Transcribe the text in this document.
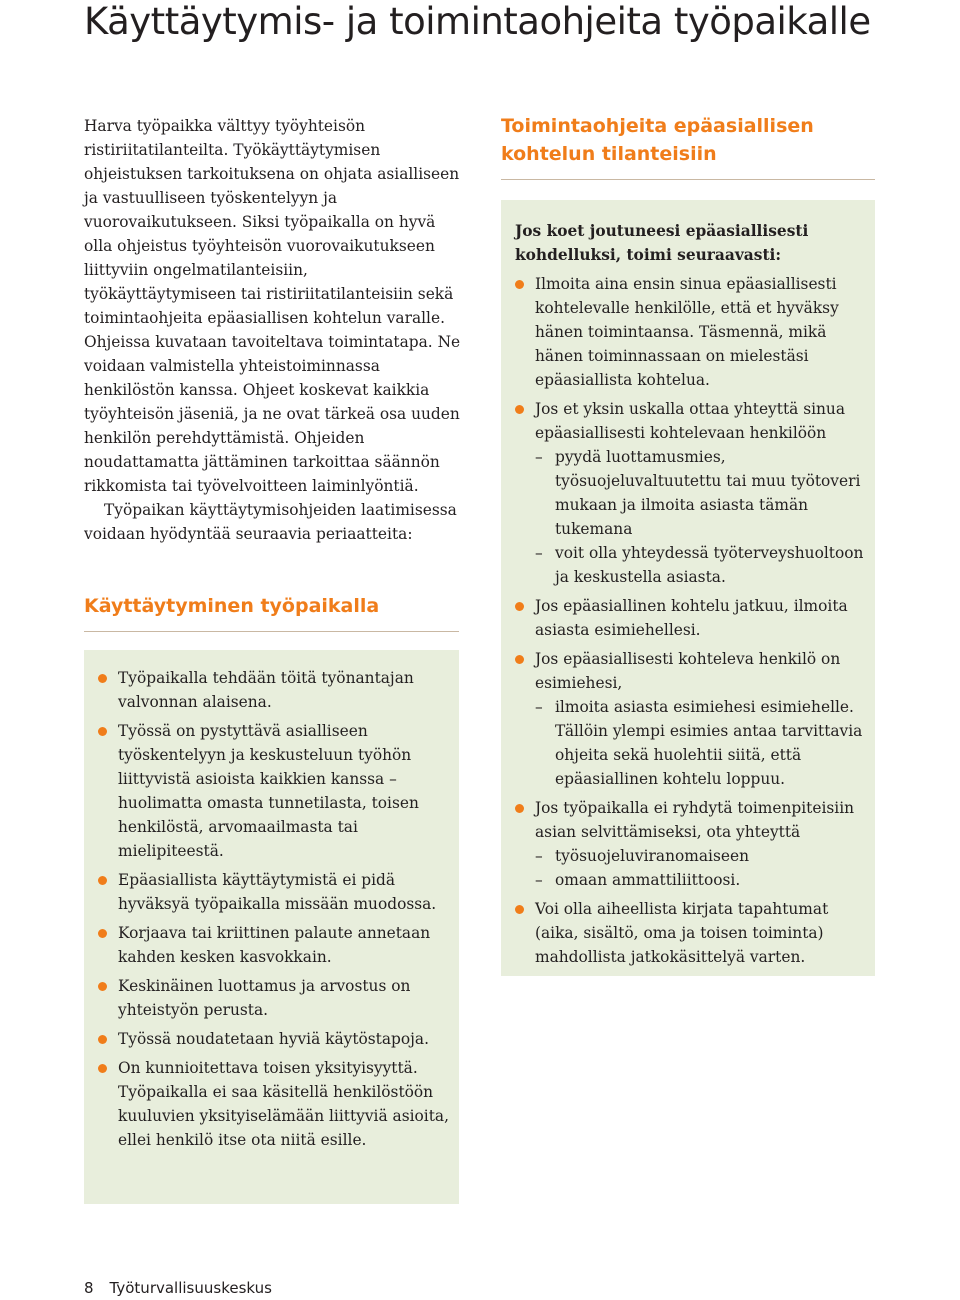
Käyttäytymis- ja toimintaohjeita työpaikalle

Harva työpaikka välttyy työyhteisön ristiriitatilanteilta. Työkäyttäytymisen ohjeistuksen tarkoituksena on ohjata asialliseen ja vastuulliseen työskentelyyn ja vuorovaikutukseen. Siksi työpaikalla on hyvä olla ohjeistus työyhteisön vuorovaikutukseen liittyviin ongelmatilanteisiin, työkäyttäytymiseen tai ristiriitatilanteisiin sekä toimintaohjeita epäasiallisen kohtelun varalle. Ohjeissa kuvataan tavoiteltava toimintatapa. Ne voidaan valmistella yhteistoiminnassa henkilöstön kanssa. Ohjeet koskevat kaikkia työyhteisön jäseniä, ja ne ovat tärkeä osa uuden henkilön perehdyttämistä. Ohjeiden noudattamatta jättäminen tarkoittaa säännön rikkomista tai työvelvoitteen laiminlyöntiä.

Työpaikan käyttäytymisohjeiden laatimisessa voidaan hyödyntää seuraavia periaatteita:

Käyttäytyminen työpaikalla
Työpaikalla tehdään töitä työnantajan valvonnan alaisena.
Työssä on pystyttävä asialliseen työskentelyyn ja keskusteluun työhön liittyvistä asioista kaikkien kanssa – huolimatta omasta tunnetilasta, toisen henkilöstä, arvomaailmasta tai mielipiteestä.
Epäasiallista käyttäytymistä ei pidä hyväksyä työpaikalla missään muodossa.
Korjaava tai kriittinen palaute annetaan kahden kesken kasvokkain.
Keskinäinen luottamus ja arvostus on yhteistyön perusta.
Työssä noudatetaan hyviä käytöstapoja.
On kunnioitettava toisen yksityisyyttä. Työpaikalla ei saa käsitellä henkilöstöön kuuluvien yksityiselämään liittyviä asioita, ellei henkilö itse ota niitä esille.
Toimintaohjeita epäasiallisen kohtelun tilanteisiin

Jos koet joutuneesi epäasiallisesti kohdelluksi, toimi seuraavasti:

Ilmoita aina ensin sinua epäasiallisesti kohtelevalle henkilölle, että et hyväksy hänen toimintaansa. Täsmennä, mikä hänen toiminnassaan on mielestäsi epäasiallista kohtelua.
Jos et yksin uskalla ottaa yhteyttä sinua epäasiallisesti kohtelevaan henkilöön
– pyydä luottamusmies, työsuojeluvaltuutettu tai muu työtoveri mukaan ja ilmoita asiasta tämän tukemana
– voit olla yhteydessä työterveyshuoltoon ja keskustella asiasta.
Jos epäasiallinen kohtelu jatkuu, ilmoita asiasta esimiehellesi.
Jos epäasiallisesti kohteleva henkilö on esimiehesi,
– ilmoita asiasta esimiehesi esimiehelle. Tällöin ylempi esimies antaa tarvittavia ohjeita sekä huolehtii siitä, että epäasiallinen kohtelu loppuu.
Jos työpaikalla ei ryhdytä toimenpiteisiin asian selvittämiseksi, ota yhteyttä
– työsuojeluviranomaiseen
– omaan ammattiliittoosi.
Voi olla aiheellista kirjata tapahtumat (aika, sisältö, oma ja toisen toiminta) mahdollista jatkokäsittelyä varten.
8 Työturvallisuuskeskus
